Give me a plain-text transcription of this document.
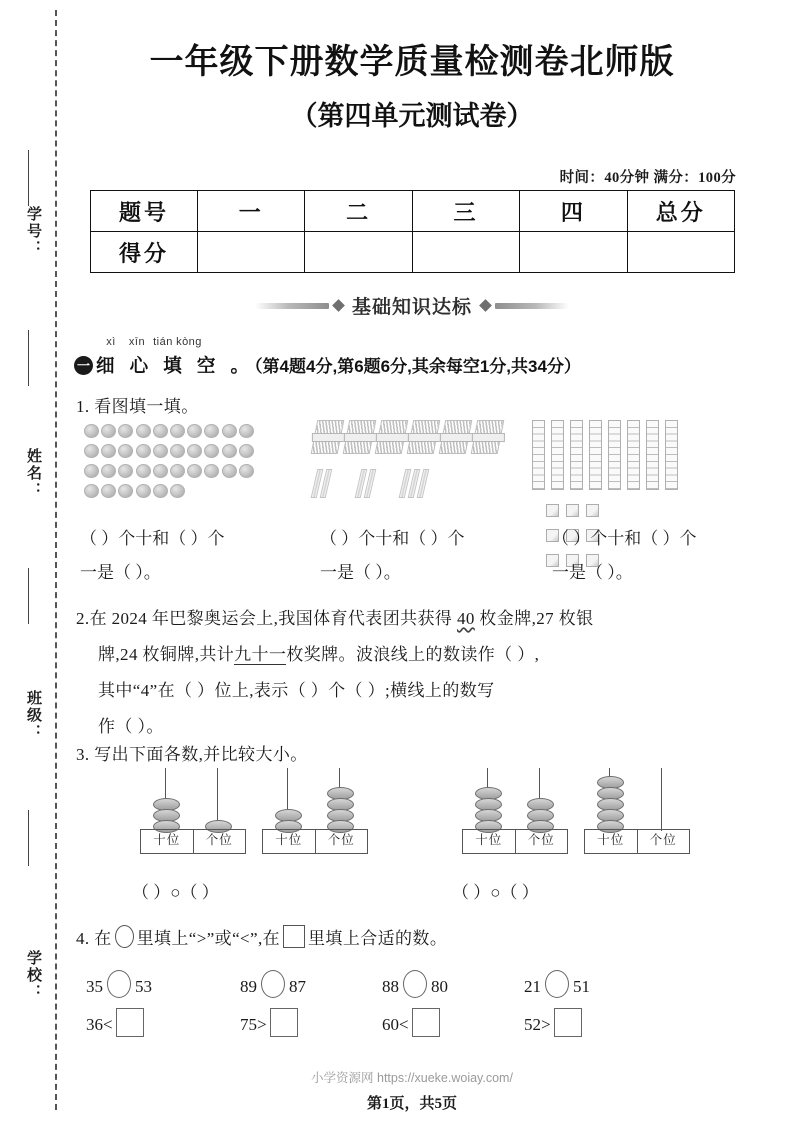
学号：
姓名：
班级：
学校：
一年级下册数学质量检测卷北师版
（第四单元测试卷）
时间：40分钟 满分：100分
题号	一	二	三	四	总分
得分					
基础知识达标
xì xīn tián kòng
一 细 心 填 空 。（第4题4分,第6题6分,其余每空1分,共34分）
1. 看图填一填。

（ ）个十和（ ）个	（ ）个十和（ ）个	（ ）个十和（ ）个
一是（ ）。	一是（ ）。	一是（ ）。
2.在 2024 年巴黎奥运会上,我国体育代表团共获得 40 枚金牌,27 枚银
牌,24 枚铜牌,共计九十一枚奖牌。波浪线上的数读作（ ）,
其中“4”在（ ）位上,表示（ ）个（ ）;横线上的数写
作（ ）。
3. 写出下面各数,并比较大小。
十位	个位	十位	个位	十位	个位	十位	个位
（ ）○（ ）	（ ）○（ ）
4. 在 里填上“>”或“<”,在 里填上合适的数。
35 53	89 87	88 80	21 51
36<	75>	60<	52>
小学资源网 https://xueke.woiay.com/
第1页，共5页
